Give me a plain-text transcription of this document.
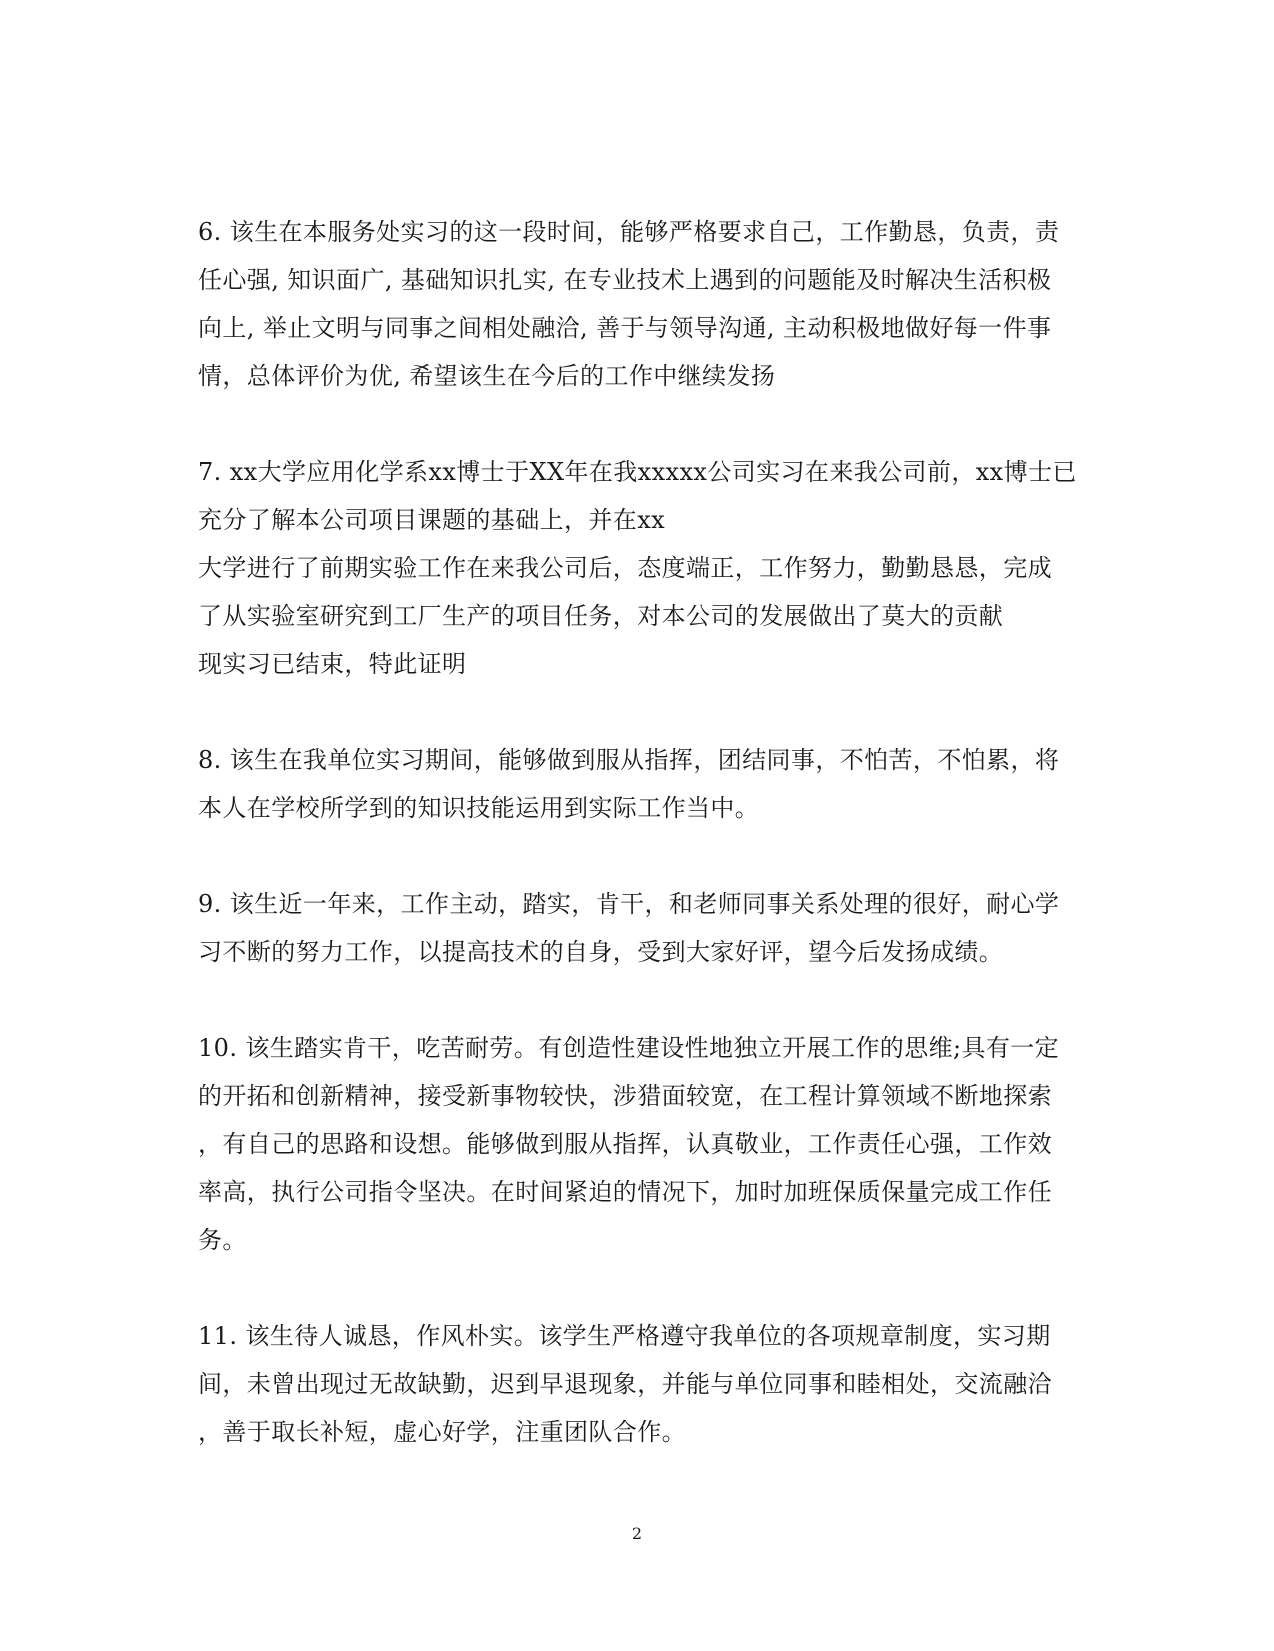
6. 该生在本服务处实习的这一段时间，能够严格要求自己，工作勤恳，负责，责
任心强, 知识面广, 基础知识扎实, 在专业技术上遇到的问题能及时解决生活积极
向上, 举止文明与同事之间相处融洽, 善于与领导沟通, 主动积极地做好每一件事
情，总体评价为优, 希望该生在今后的工作中继续发扬
7. xx大学应用化学系xx博士于XX年在我xxxxx公司实习在来我公司前，xx博士已
充分了解本公司项目课题的基础上，并在xx
大学进行了前期实验工作在来我公司后，态度端正，工作努力，勤勤恳恳，完成
了从实验室研究到工厂生产的项目任务，对本公司的发展做出了莫大的贡献
现实习已结束，特此证明
8. 该生在我单位实习期间，能够做到服从指挥，团结同事，不怕苦，不怕累，将
本人在学校所学到的知识技能运用到实际工作当中。
9. 该生近一年来，工作主动，踏实，肯干，和老师同事关系处理的很好，耐心学
习不断的努力工作，以提高技术的自身，受到大家好评，望今后发扬成绩。
10. 该生踏实肯干，吃苦耐劳。有创造性建设性地独立开展工作的思维;具有一定
的开拓和创新精神，接受新事物较快，涉猎面较宽，在工程计算领域不断地探索
，有自己的思路和设想。能够做到服从指挥，认真敬业，工作责任心强，工作效
率高，执行公司指令坚决。在时间紧迫的情况下，加时加班保质保量完成工作任
务。
11. 该生待人诚恳，作风朴实。该学生严格遵守我单位的各项规章制度，实习期
间，未曾出现过无故缺勤，迟到早退现象，并能与单位同事和睦相处，交流融洽
，善于取长补短，虚心好学，注重团队合作。
2
